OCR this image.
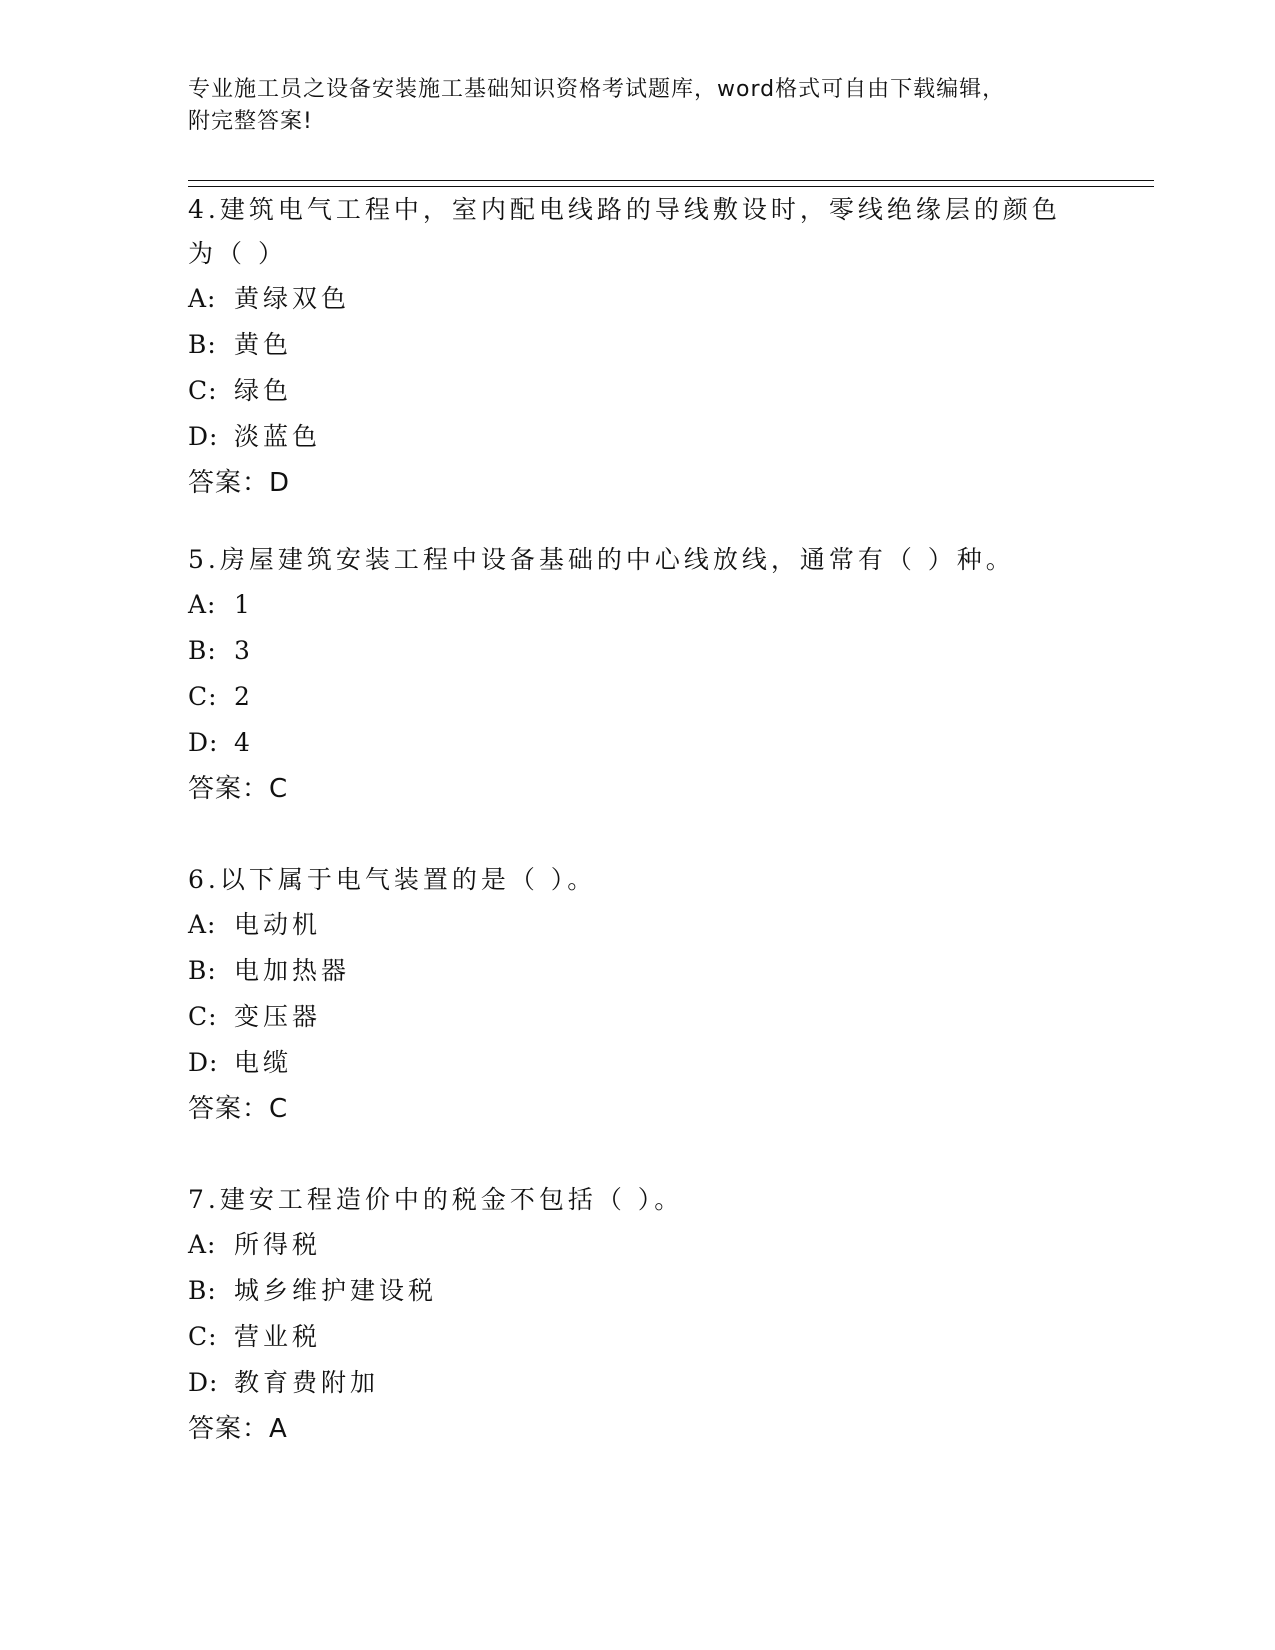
专业施工员之设备安装施工基础知识资格考试题库，word格式可自由下载编辑，
附完整答案!

4.建筑电气工程中，室内配电线路的导线敷设时，零线绝缘层的颜色为（ ）

A: 黄绿双色
B: 黄色
C: 绿色
D: 淡蓝色
答案：D

5.房屋建筑安装工程中设备基础的中心线放线，通常有（ ）种。

A: 1
B: 3
C: 2
D: 4
答案：C

6.以下属于电气装置的是（ ）。

A: 电动机
B: 电加热器
C: 变压器
D: 电缆
答案：C

7.建安工程造价中的税金不包括（ ）。

A: 所得税
B: 城乡维护建设税
C: 营业税
D: 教育费附加
答案：A
